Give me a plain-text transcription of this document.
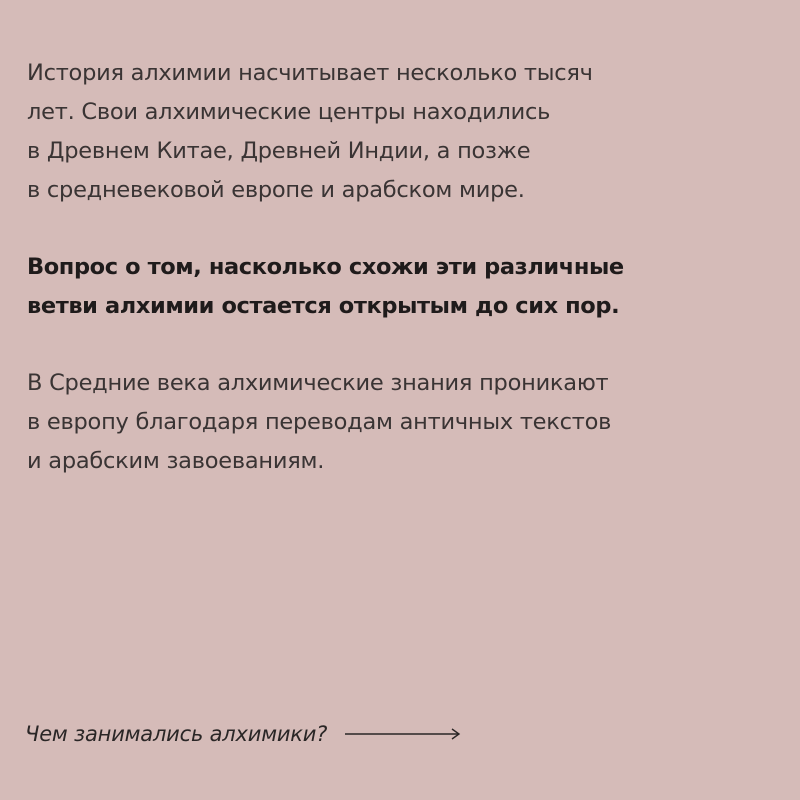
История алхимии насчитывает несколько тысяч
лет. Свои алхимические центры находились
в Древнем Китае, Древней Индии, а позже
в средневековой европе и арабском мире.

Вопрос о том, насколько схожи эти различные
ветви алхимии остается открытым до сих пор.

В Средние века алхимические знания проникают
в европу благодаря переводам античных текстов
и арабским завоеваниям.

Чем занимались алхимики?
